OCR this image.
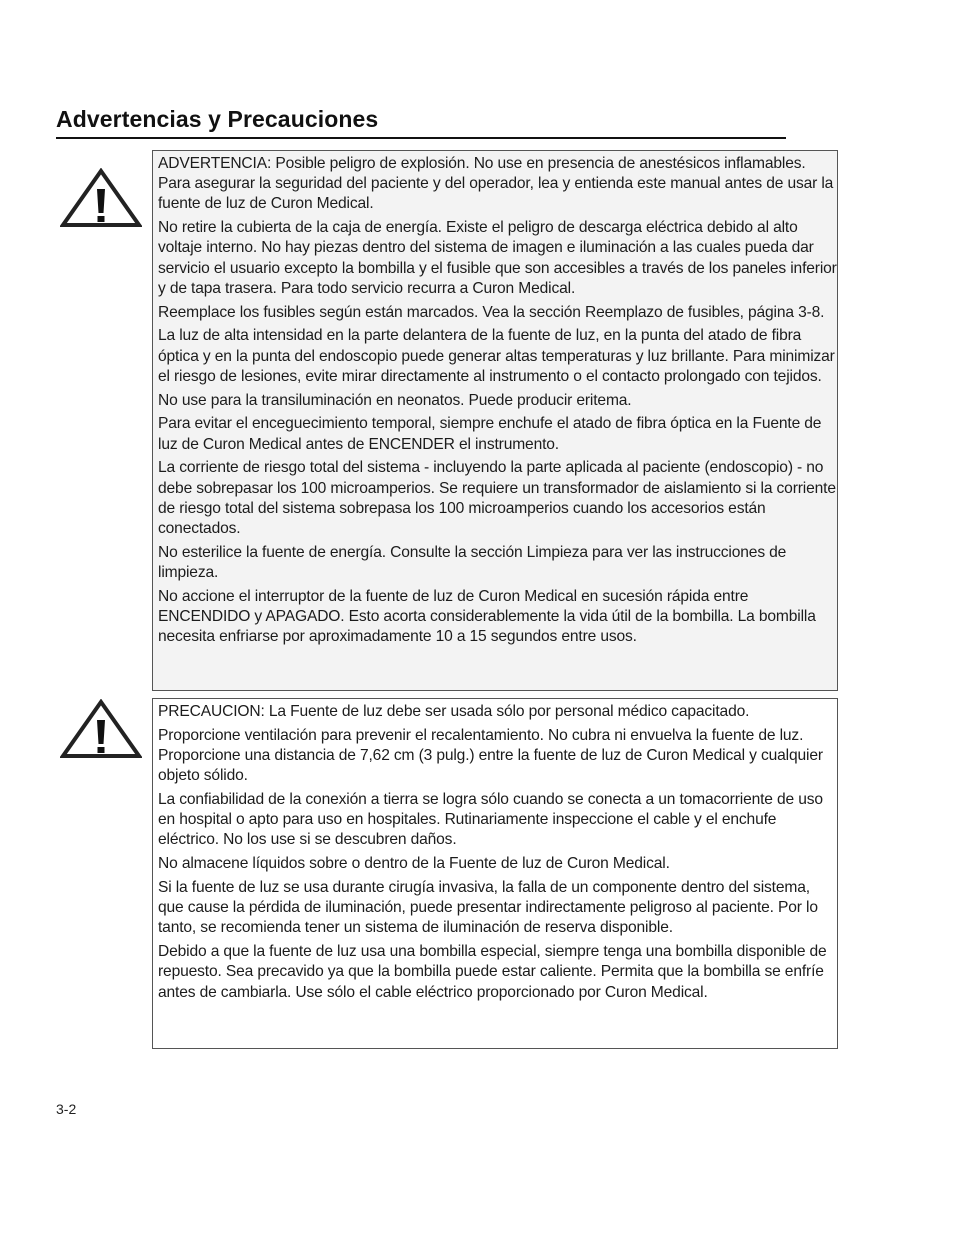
Advertencias y Precauciones

ADVERTENCIA: Posible peligro de explosión. No use en presencia de anestésicos inflamables. Para asegurar la seguridad del paciente y del operador, lea y entienda este manual antes de usar la fuente de luz de Curon Medical.

No retire la cubierta de la caja de energía. Existe el peligro de descarga eléctrica debido al alto voltaje interno. No hay piezas dentro del sistema de imagen e iluminación a las cuales pueda dar servicio el usuario excepto la bombilla y el fusible que son accesibles a través de los paneles inferior y de tapa trasera. Para todo servicio recurra a Curon Medical.

Reemplace los fusibles según están marcados. Vea la sección Reemplazo de fusibles, página 3-8.

La luz de alta intensidad en la parte delantera de la fuente de luz, en la punta del atado de fibra óptica y en la punta del endoscopio puede generar altas temperaturas y luz brillante. Para minimizar el riesgo de lesiones, evite mirar directamente al instrumento o el contacto prolongado con tejidos.

No use para la transiluminación en neonatos. Puede producir eritema.

Para evitar el enceguecimiento temporal, siempre enchufe el atado de fibra óptica en la Fuente de luz de Curon Medical antes de ENCENDER el instrumento.

La corriente de riesgo total del sistema - incluyendo la parte aplicada al paciente (endoscopio) - no debe sobrepasar los 100 microamperios. Se requiere un transformador de aislamiento si la corriente de riesgo total del sistema sobrepasa los 100 microamperios cuando los accesorios están conectados.

No esterilice la fuente de energía. Consulte la sección Limpieza para ver las instrucciones de limpieza.

No accione el interruptor de la fuente de luz de Curon Medical en sucesión rápida entre ENCENDIDO y APAGADO. Esto acorta considerablemente la vida útil de la bombilla. La bombilla necesita enfriarse por aproximadamente 10 a 15 segundos entre usos.

PRECAUCION: La Fuente de luz debe ser usada sólo por personal médico capacitado.

Proporcione ventilación para prevenir el recalentamiento. No cubra ni envuelva la fuente de luz. Proporcione una distancia de 7,62 cm (3 pulg.) entre la fuente de luz de Curon Medical y cualquier objeto sólido.

La confiabilidad de la conexión a tierra se logra sólo cuando se conecta a un tomacorriente de uso en hospital o apto para uso en hospitales. Rutinariamente inspeccione el cable y el enchufe eléctrico. No los use si se descubren daños.

No almacene líquidos sobre o dentro de la Fuente de luz de Curon Medical.

Si la fuente de luz se usa durante cirugía invasiva, la falla de un componente dentro del sistema, que cause la pérdida de iluminación, puede presentar indirectamente peligroso al paciente. Por lo tanto, se recomienda tener un sistema de iluminación de reserva disponible.

Debido a que la fuente de luz usa una bombilla especial, siempre tenga una bombilla disponible de repuesto. Sea precavido ya que la bombilla puede estar caliente. Permita que la bombilla se enfríe antes de cambiarla. Use sólo el cable eléctrico proporcionado por Curon Medical.

3-2
